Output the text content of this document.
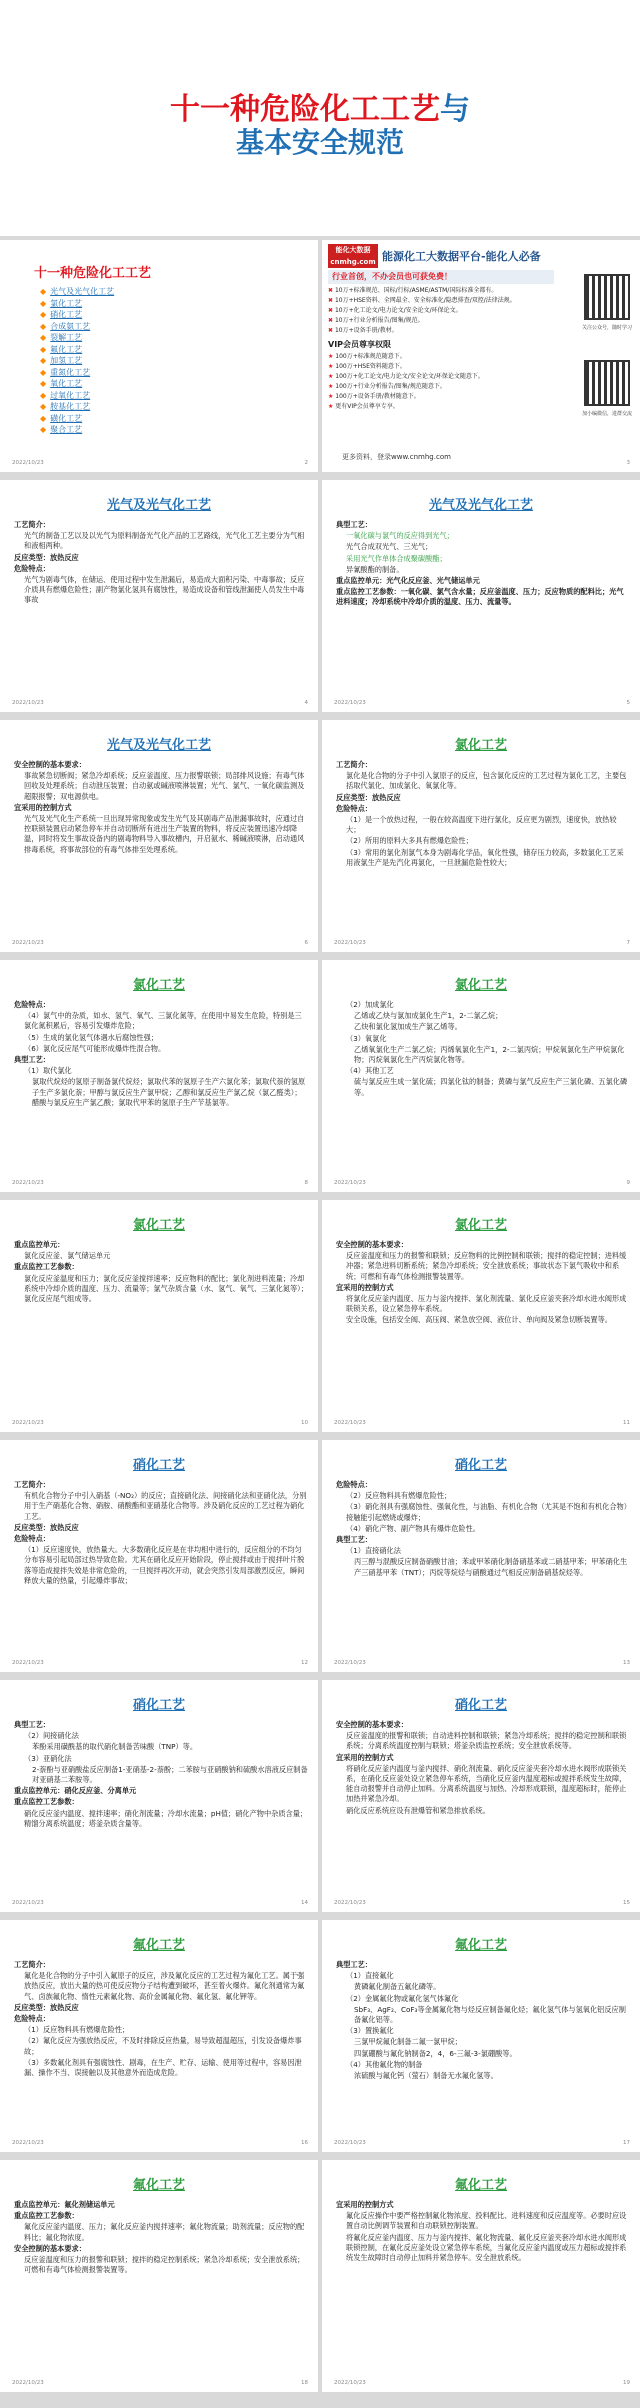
十一种危险化工工艺与
基本安全规范
十一种危险化工工艺
◆ 光气及光气化工艺
◆ 氯化工艺
◆ 硝化工艺
◆ 合成氨工艺
◆ 裂解工艺
◆ 氟化工艺
◆ 加氢工艺
◆ 重氮化工艺
◆ 氧化工艺
◆ 过氧化工艺
◆ 胺基化工艺
◆ 磺化工艺
◆ 聚合工艺
2022/10/23	2
能化大数据 cnmhg.com 能源化工大数据平台-能化人必备
行业首创，不办会员也可获免费！
✖ 10万+标准规范、国标/行标/ASME/ASTM/国际标准全都有。
✖ 10万+HSE资料、全网最全、安全标准化/隐患排查/双控/法律法规。
✖ 10万+化工论文/电力论文/安全论文/环保论文。
✖ 10万+行业分析报告/图集/规范。
✖ 10万+设备手册/教材。
VIP会员尊享权限
★ 100万+标准规范随意下。
★ 100万+HSE资料随意下。
★ 100万+化工论文/电力论文/安全论文/环保论文随意下。
★ 100万+行业分析报告/图集/规范随意下。
★ 100万+设备手册/教材随意下。
★ 更有VIP会员尊享专享。
关注公众号，随时学习
加小编微信，进群交流
更多资料，登录www.cnmhg.com
3
光气及光气化工艺

工艺简介：

光气的制备工艺以及以光气为原料制备光气化产品的工艺路线，光气化工艺主要分为气相和液相两种。

反应类型：放热反应

危险特点：

光气为剧毒气体，在储运、使用过程中发生泄漏后，易造成大面积污染、中毒事故；反应介质具有燃爆危险性；副产物氯化氢具有腐蚀性，易造成设备和管线泄漏使人员发生中毒事故

2022/10/23	4
光气及光气化工艺

典型工艺：

一氧化碳与氯气的反应得到光气；

光气合成双光气、三光气；

采用光气作单体合成聚碳酸酯；

异氰酸酯的制备。

重点监控单元：光气化反应釜、光气储运单元

重点监控工艺参数：一氧化碳、氯气含水量；反应釜温度、压力；反应物质的配料比；光气进料速度；冷却系统中冷却介质的温度、压力、流量等。

2022/10/23	5
光气及光气化工艺

安全控制的基本要求：

事故紧急切断阀；紧急冷却系统；反应釜温度、压力报警联锁；局部排风设施；有毒气体回收及处理系统；自动泄压装置；自动氨或碱液喷淋装置；光气、氯气、一氧化碳监测及超限报警；双电源供电。

宜采用的控制方式

光气及光气化生产系统一旦出现异常现象或发生光气及其剧毒产品泄漏事故时，应通过自控联锁装置启动紧急停车并自动切断所有进出生产装置的物料，将反应装置迅速冷却降温，同时将发生事故设备内的剧毒物料导入事故槽内，开启氨水、稀碱液喷淋，启动通风排毒系统，将事故部位的有毒气体排至处理系统。

2022/10/23	6
氯化工艺

工艺简介：

氯化是化合物的分子中引入氯原子的反应，包含氯化反应的工艺过程为氯化工艺，主要包括取代氯化、加成氯化、氧氯化等。

反应类型：放热反应

危险特点：

（1）是一个放热过程，一般在较高温度下进行氯化，反应更为剧烈，速度快，放热较大；

（2）所用的原料大多具有燃爆危险性；

（3）常用的氯化剂氯气本身为剧毒化学品，氧化性强，储存压力较高，多数氯化工艺采用液氯生产是先汽化再氯化，一旦泄漏危险性较大；

2022/10/23	7
氯化工艺

危险特点：

（4）氯气中的杂质，如水、氢气、氧气、三氯化氮等，在使用中易发生危险，特别是三氯化氮积累后，容易引发爆炸危险；

（5）生成的氯化氢气体遇水后腐蚀性强；

（6）氯化反应尾气可能形成爆炸性混合物。

典型工艺：

（1）取代氯化

氯取代烷烃的氢原子制备氯代烷烃；氯取代苯的氢原子生产六氯化苯；氯取代萘的氢原子生产多氯化萘；甲醇与氯反应生产氯甲烷；乙醇和氯反应生产氯乙烷（氯乙醛类）；醋酸与氯反应生产氯乙酸；氯取代甲苯的氢原子生产苄基氯等。

2022/10/23	8
氯化工艺

（2）加成氯化

乙烯或乙炔与氯加成氯化生产1，2-二氯乙烷；

乙炔和氯化氢加成生产氯乙烯等。

（3）氧氯化

乙烯氧氯化生产二氯乙烷；丙烯氧氯化生产1，2-二氯丙烷；甲烷氧氯化生产甲烷氯化物；丙烷氧氯化生产丙烷氯化物等。

（4）其他工艺

硫与氯反应生成一氯化硫；四氯化钛的制备；黄磷与氯气反应生产三氯化磷、五氯化磷等。

2022/10/23	9
氯化工艺

重点监控单元：

氯化反应釜、氯气储运单元

重点监控工艺参数：

氯化反应釜温度和压力；氯化反应釜搅拌速率；反应物料的配比；氯化剂进料流量；冷却系统中冷却介质的温度、压力、流量等；氯气杂质含量（水、氢气、氧气、三氯化氮等）；氯化反应尾气组成等。

2022/10/23	10
氯化工艺

安全控制的基本要求：

反应釜温度和压力的报警和联锁；反应物料的比例控制和联锁；搅拌的稳定控制；进料缓冲器；紧急进料切断系统；紧急冷却系统；安全泄放系统；事故状态下氯气吸收中和系统；可燃和有毒气体检测报警装置等。

宜采用的控制方式

将氯化反应釜内温度、压力与釜内搅拌、氯化剂流量、氯化反应釜夹套冷却水进水阀形成联锁关系，设立紧急停车系统。

安全设施，包括安全阀、高压阀、紧急放空阀、液位计、单向阀及紧急切断装置等。

2022/10/23	11
硝化工艺

工艺简介：

有机化合物分子中引入硝基（-NO₂）的反应；直接硝化法、间接硝化法和亚硝化法，分别用于生产硝基化合物、硝胺、硝酸酯和亚硝基化合物等。涉及硝化反应的工艺过程为硝化工艺。

反应类型：放热反应

危险特点：

（1）反应速度快，放热量大。大多数硝化反应是在非均相中进行的，反应组分的不均匀分布容易引起局部过热导致危险。尤其在硝化反应开始阶段，停止搅拌或由于搅拌叶片脱落等造成搅拌失效是非常危险的，一旦搅拌再次开动，就会突然引发局部激烈反应，瞬间释放大量的热量，引起爆炸事故；

2022/10/23	12
硝化工艺

危险特点：

（2）反应物料具有燃爆危险性；

（3）硝化剂具有强腐蚀性、强氧化性，与油脂、有机化合物（尤其是不饱和有机化合物）接触能引起燃烧或爆炸；

（4）硝化产物、副产物具有爆炸危险性。

典型工艺：

（1）直接硝化法

丙三醇与混酸反应制备硝酸甘油；苯或甲苯硝化制备硝基苯或二硝基甲苯；甲苯硝化生产三硝基甲苯（TNT）；丙烷等烷烃与硝酸通过气相反应制备硝基烷烃等。

2022/10/23	13
硝化工艺

典型工艺：

（2）间接硝化法

苯酚采用磺酰基的取代硝化制备苦味酸（TNP）等。

（3）亚硝化法

2-萘酚与亚硝酸盐反应制备1-亚硝基-2-萘酚；二苯胺与亚硝酸钠和硫酸水溶液反应制备对亚硝基二苯胺等。

重点监控单元：硝化反应釜、分离单元

重点监控工艺参数：

硝化反应釜内温度、搅拌速率；硝化剂流量；冷却水流量；pH值；硝化产物中杂质含量；精馏分离系统温度；塔釜杂质含量等。

2022/10/23	14
硝化工艺

安全控制的基本要求：

反应釜温度的报警和联锁；自动进料控制和联锁；紧急冷却系统；搅拌的稳定控制和联锁系统；分离系统温度控制与联锁；塔釜杂质监控系统；安全泄放系统等。

宜采用的控制方式

将硝化反应釜内温度与釜内搅拌、硝化剂流量、硝化反应釜夹套冷却水进水阀形成联锁关系，在硝化反应釜处设立紧急停车系统，当硝化反应釜内温度超标或搅拌系统发生故障，能自动报警并自动停止加料。分离系统温度与加热、冷却形成联锁，温度超标时，能停止加热并紧急冷却。

硝化反应系统应设有泄爆管和紧急排放系统。

2022/10/23	15
氟化工艺

工艺简介：

氟化是化合物的分子中引入氟原子的反应，涉及氟化反应的工艺过程为氟化工艺。属于强放热反应，放出大量的热可使反应物分子结构遭到破坏，甚至着火爆炸。氟化剂通常为氟气、卤族氟化物、惰性元素氟化物、高价金属氟化物、氟化氢、氟化钾等。

反应类型：放热反应

危险特点：

（1）反应物料具有燃爆危险性；

（2）氟化反应为强放热反应，不及时排除反应热量，易导致超温超压，引发设备爆炸事故；

（3）多数氟化剂具有强腐蚀性、剧毒，在生产、贮存、运输、使用等过程中，容易因泄漏、操作不当、误接触以及其他意外而造成危险。

2022/10/23	16
氟化工艺

典型工艺：

（1）直接氟化

黄磷氟化制备五氟化磷等。

（2）金属氟化物或氟化氢气体氟化

SbF₃、AgF₂、CoF₃等金属氟化物与烃反应制备氟化烃；氟化氢气体与氢氧化铝反应制备氟化铝等。

（3）置换氟化

三氯甲烷氟化制备二氟一氯甲烷；

四氯硼酸与氟化钠制备2，4，6-三氟-3-氯硼酸等。

（4）其他氟化物的制备

浓硫酸与氟化钙（萤石）制备无水氟化氢等。

2022/10/23	17
氟化工艺

重点监控单元：氟化剂储运单元

重点监控工艺参数：

氟化反应釜内温度、压力；氟化反应釜内搅拌速率；氟化物流量；助剂流量；反应物的配料比；氟化物浓度。

安全控制的基本要求：

反应釜温度和压力的报警和联锁；搅拌的稳定控制系统；紧急冷却系统；安全泄放系统；可燃和有毒气体检测报警装置等。

2022/10/23	18
氟化工艺

宜采用的控制方式

氟化反应操作中要严格控制氟化物浓度、投料配比、进料速度和反应温度等。必要时应设置自动比例调节装置和自动联锁控制装置。

将氟化反应釜内温度、压力与釜内搅拌、氟化物流量、氟化反应釜夹套冷却水进水阀形成联锁控制，在氟化反应釜处设立紧急停车系统，当氟化反应釜内温度或压力超标或搅拌系统发生故障时自动停止加料并紧急停车。安全泄放系统。

2022/10/23	19
